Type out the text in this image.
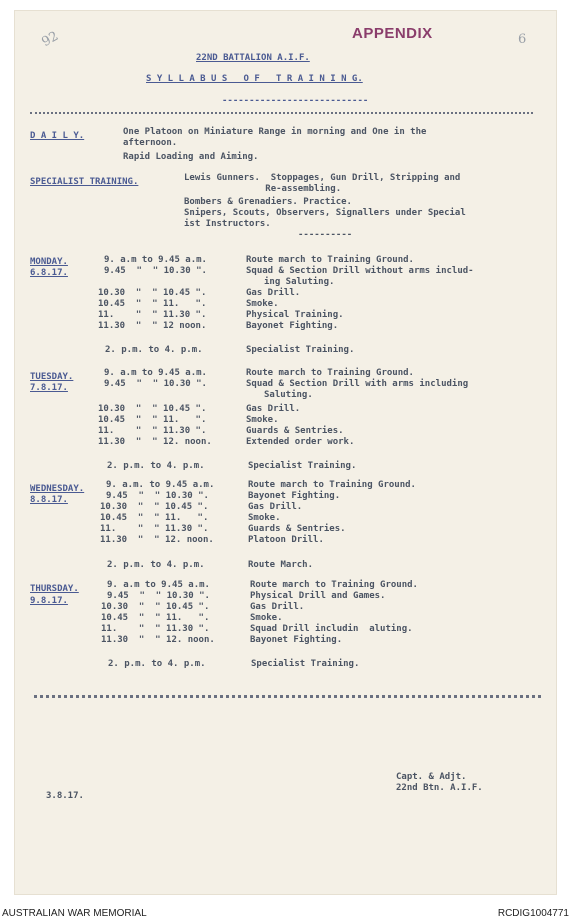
92	APPENDIX	6
22ND BATTALION A.I.F.
S Y L L A B U S   O F   T R A I N I N G.
---------------------------
D A I L Y.	One Platoon on Miniature Range in morning and One in the
afternoon.
Rapid Loading and Aiming.
SPECIALIST TRAINING.	Lewis Gunners.  Stoppages, Gun Drill, Stripping and
Re-assembling.
Bombers & Grenadiers. Practice.
Snipers, Scouts, Observers, Signallers under Special
ist Instructors.
----------
MONDAY.
6.8.17.
9. a.m to 9.45 a.m.	Route march to Training Ground.
9.45  "  " 10.30 ".	Squad & Section Drill without arms includ-
ing Saluting.
10.30  "  " 10.45 ".	Gas Drill.
10.45  "  " 11.   ".	Smoke.
11.    "  " 11.30 ".	Physical Training.
11.30  "  " 12 noon.	Bayonet Fighting.
2. p.m. to 4. p.m.	Specialist Training.
TUESDAY.
7.8.17.
9. a.m to 9.45 a.m.	Route march to Training Ground.
9.45  "  " 10.30 ".	Squad & Section Drill with arms including
Saluting.
10.30  "  " 10.45 ".	Gas Drill.
10.45  "  " 11.   ".	Smoke.
11.    "  " 11.30 ".	Guards & Sentries.
11.30  "  " 12. noon.	Extended order work.
2. p.m. to 4. p.m.	Specialist Training.
WEDNESDAY.
8.8.17.
9. a.m. to 9.45 a.m.	Route march to Training Ground.
9.45  "  " 10.30 ".	Bayonet Fighting.
10.30  "  " 10.45 ".	Gas Drill.
10.45  "  " 11.   ".	Smoke.
11.    "  " 11.30 ".	Guards & Sentries.
11.30  "  " 12. noon.	Platoon Drill.
2. p.m. to 4. p.m.	Route March.
THURSDAY.
9.8.17.
9. a.m to 9.45 a.m.	Route march to Training Ground.
9.45  "  " 10.30 ".	Physical Drill and Games.
10.30  "  " 10.45 ".	Gas Drill.
10.45  "  " 11.   ".	Smoke.
11.    "  " 11.30 ".	Squad Drill includin  aluting.
11.30  "  " 12. noon.	Bayonet Fighting.
2. p.m. to 4. p.m.	Specialist Training.
Capt. & Adjt.
22nd Btn. A.I.F.
3.8.17.
AUSTRALIAN WAR MEMORIAL	RCDIG1004771
